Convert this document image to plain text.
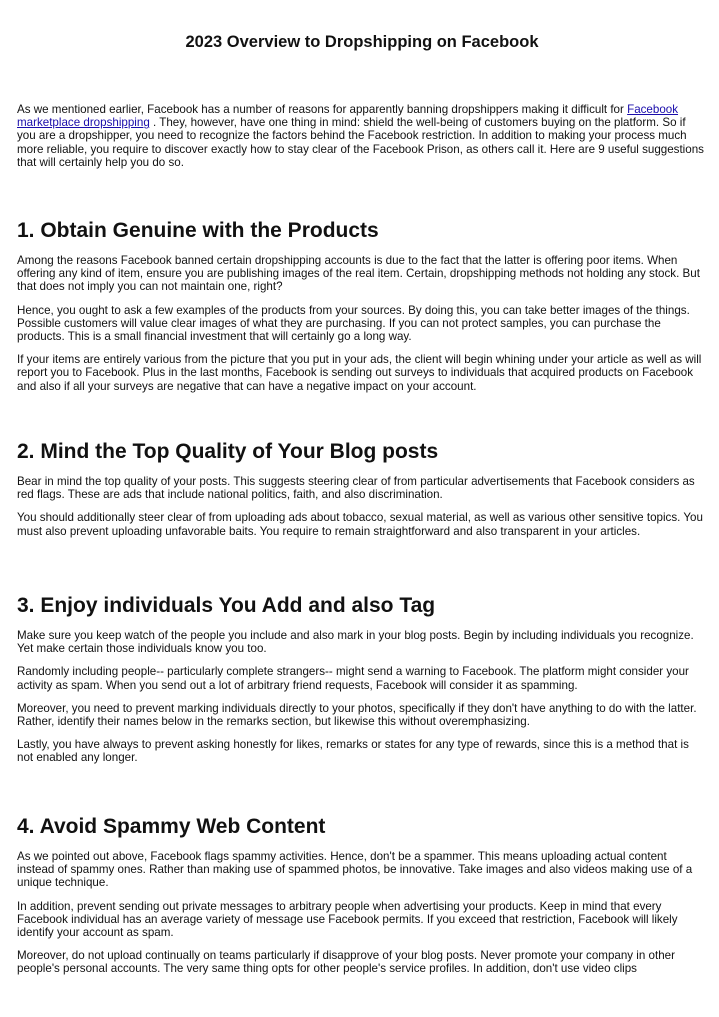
2023 Overview to Dropshipping on Facebook

As we mentioned earlier, Facebook has a number of reasons for apparently banning dropshippers making it difficult for Facebook marketplace dropshipping . They, however, have one thing in mind: shield the well-being of customers buying on the platform. So if you are a dropshipper, you need to recognize the factors behind the Facebook restriction. In addition to making your process much more reliable, you require to discover exactly how to stay clear of the Facebook Prison, as others call it. Here are 9 useful suggestions that will certainly help you do so.

1. Obtain Genuine with the Products

Among the reasons Facebook banned certain dropshipping accounts is due to the fact that the latter is offering poor items. When offering any kind of item, ensure you are publishing images of the real item. Certain, dropshipping methods not holding any stock. But that does not imply you can not maintain one, right?

Hence, you ought to ask a few examples of the products from your sources. By doing this, you can take better images of the things. Possible customers will value clear images of what they are purchasing. If you can not protect samples, you can purchase the products. This is a small financial investment that will certainly go a long way.

If your items are entirely various from the picture that you put in your ads, the client will begin whining under your article as well as will report you to Facebook. Plus in the last months, Facebook is sending out surveys to individuals that acquired products on Facebook and also if all your surveys are negative that can have a negative impact on your account.

2. Mind the Top Quality of Your Blog posts

Bear in mind the top quality of your posts. This suggests steering clear of from particular advertisements that Facebook considers as red flags. These are ads that include national politics, faith, and also discrimination.

You should additionally steer clear of from uploading ads about tobacco, sexual material, as well as various other sensitive topics. You must also prevent uploading unfavorable baits. You require to remain straightforward and also transparent in your articles.

3. Enjoy individuals You Add and also Tag

Make sure you keep watch of the people you include and also mark in your blog posts. Begin by including individuals you recognize. Yet make certain those individuals know you too.

Randomly including people-- particularly complete strangers-- might send a warning to Facebook. The platform might consider your activity as spam. When you send out a lot of arbitrary friend requests, Facebook will consider it as spamming.

Moreover, you need to prevent marking individuals directly to your photos, specifically if they don't have anything to do with the latter. Rather, identify their names below in the remarks section, but likewise this without overemphasizing.

Lastly, you have always to prevent asking honestly for likes, remarks or states for any type of rewards, since this is a method that is not enabled any longer.

4. Avoid Spammy Web Content

As we pointed out above, Facebook flags spammy activities. Hence, don't be a spammer. This means uploading actual content instead of spammy ones. Rather than making use of spammed photos, be innovative. Take images and also videos making use of a unique technique.

In addition, prevent sending out private messages to arbitrary people when advertising your products. Keep in mind that every Facebook individual has an average variety of message use Facebook permits. If you exceed that restriction, Facebook will likely identify your account as spam.

Moreover, do not upload continually on teams particularly if disapprove of your blog posts. Never promote your company in other people's personal accounts. The very same thing opts for other people's service profiles. In addition, don't use video clips
